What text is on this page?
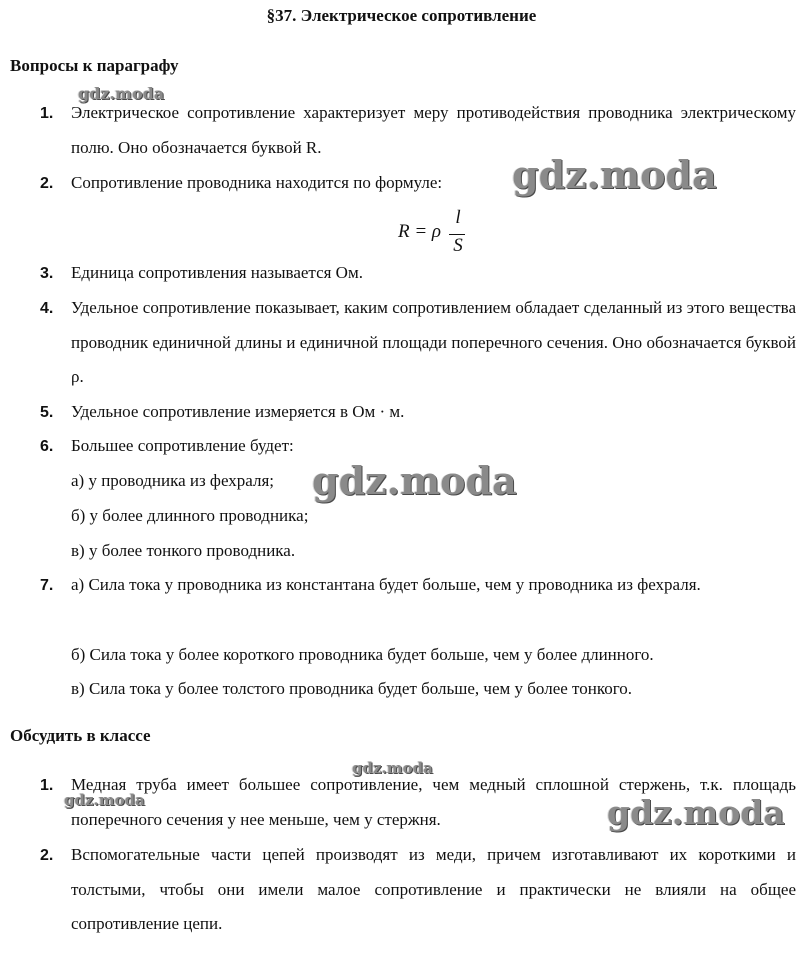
§37. Электрическое сопротивление
Вопросы к параграфу
1. Электрическое сопротивление характеризует меру противодействия проводника электрическому полю. Оно обозначается буквой R.
2. Сопротивление проводника находится по формуле:
R = ρ
l
S
3. Единица сопротивления называется Ом.
4. Удельное сопротивление показывает, каким сопротивлением обладает сделанный из этого вещества проводник единичной длины и единичной площади поперечного сечения. Оно обозначается буквой ρ.
5. Удельное сопротивление измеряется в Ом · м.
6. Большее сопротивление будет:
а) у проводника из фехраля;
б) у более длинного проводника;
в) у более тонкого проводника.
7. а) Сила тока у проводника из константана будет больше, чем у проводника из фехраля.
б) Сила тока у более короткого проводника будет больше, чем у более длинного.
в) Сила тока у более толстого проводника будет больше, чем у более тонкого.
Обсудить в классе
1. Медная труба имеет большее сопротивление, чем медный сплошной стержень, т.к. площадь поперечного сечения у нее меньше, чем у стержня.
2. Вспомогательные части цепей производят из меди, причем изготавливают их короткими и толстыми, чтобы они имели малое сопротивление и практически не влияли на общее сопротивление цепи.
gdz.moda
gdz.moda
gdz.moda
gdz.moda
gdz.moda	gdz.moda
